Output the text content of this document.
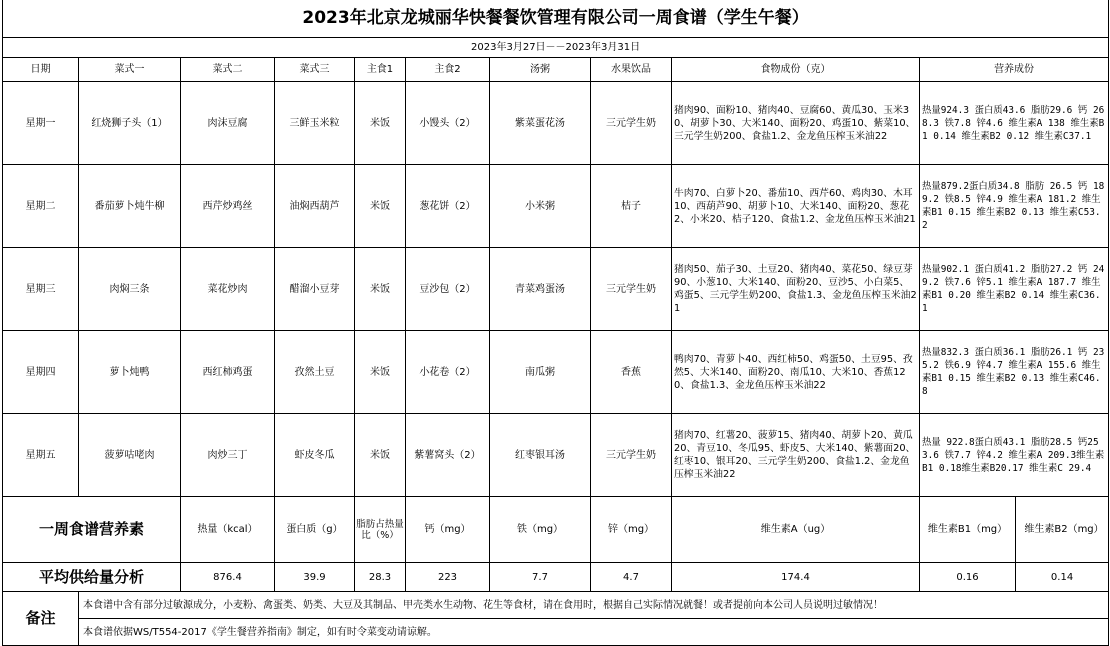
2023年北京龙城丽华快餐餐饮管理有限公司一周食谱（学生午餐）											
2023年3月27日－－2023年3月31日											
日期	菜式一	菜式二	菜式三	主食1	主食2	汤粥	水果饮品	食物成份（克）	营养成份		
星期一	红烧狮子头（1）	肉沫豆腐	三鲜玉米粒	米饭	小馒头（2）	紫菜蛋花汤	三元学生奶	猪肉90、面粉10、猪肉40、豆腐60、黄瓜30、玉米30、胡萝卜30、大米140、面粉20、鸡蛋10、紫菜10、三元学生奶200、食盐1.2、金龙鱼压榨玉米油22	热量924.3 蛋白质43.6 脂肪29.6 钙 268.3 铁7.8 锌4.6 维生素A 138 维生素B1 0.14 维生素B2 0.12 维生素C37.1		
星期二	番茄萝卜炖牛柳	西芹炒鸡丝	油焖西葫芦	米饭	葱花饼（2）	小米粥	桔子	牛肉70、白萝卜20、番茄10、西芹60、鸡肉30、木耳10、西葫芦90、胡萝卜10、大米140、面粉20、葱花2、小米20、桔子120、食盐1.2、金龙鱼压榨玉米油21	热量879.2蛋白质34.8 脂肪 26.5 钙 189.2 铁8.5 锌4.9 维生素A 181.2 维生素B1 0.15 维生素B2 0.13 维生素C53.2		
星期三	肉焖三条	菜花炒肉	醋溜小豆芽	米饭	豆沙包（2）	青菜鸡蛋汤	三元学生奶	猪肉50、茄子30、土豆20、猪肉40、菜花50、绿豆芽90、小葱10、大米140、面粉20、豆沙5、小白菜5、鸡蛋5、三元学生奶200、食盐1.3、金龙鱼压榨玉米油21	热量902.1 蛋白质41.2 脂肪27.2 钙 249.2 铁7.6 锌5.1 维生素A 187.7 维生素B1 0.20 维生素B2 0.14 维生素C36.1		
星期四	萝卜炖鸭	西红柿鸡蛋	孜然土豆	米饭	小花卷（2）	南瓜粥	香蕉	鸭肉70、青萝卜40、西红柿50、鸡蛋50、土豆95、孜然5、大米140、面粉20、南瓜10、大米10、香蕉120、食盐1.3、金龙鱼压榨玉米油22	热量832.3 蛋白质36.1 脂肪26.1 钙 235.2 铁6.9 锌4.7 维生素A 155.6 维生素B1 0.15 维生素B2 0.13 维生素C46.8		
星期五	菠萝咕咾肉	肉炒三丁	虾皮冬瓜	米饭	紫薯窝头（2）	红枣银耳汤	三元学生奶	猪肉70、红薯20、菠萝15、猪肉40、胡萝卜20、黄瓜20、青豆10、冬瓜95、虾皮5、大米140、紫薯面20、红枣10、银耳20、三元学生奶200、食盐1.2、金龙鱼压榨玉米油22	热量 922.8蛋白质43.1 脂肪28.5 钙253.6 铁7.7 锌4.2 维生素A 209.3维生素B1 0.18维生素B20.17 维生素C 29.4		
一周食谱营养素		热量（kcal）	蛋白质（g）	脂肪占热量比（%）	钙（mg）	铁（mg）	锌（mg）	维生素A（ug）	维生素B1（mg）	维生素B2（mg）

平均供给量分析		876.4	39.9	28.3	223	7.7	4.7	174.4	0.16	0.14	
备注	本食谱中含有部分过敏源成分，小麦粉、禽蛋类、奶类、大豆及其制品、甲壳类水生动物、花生等食材，请在食用时，根据自己实际情况就餐！或者提前向本公司人员说明过敏情况！										
	本食谱依据WS/T554-2017《学生餐营养指南》制定，如有时令菜变动请谅解。										
